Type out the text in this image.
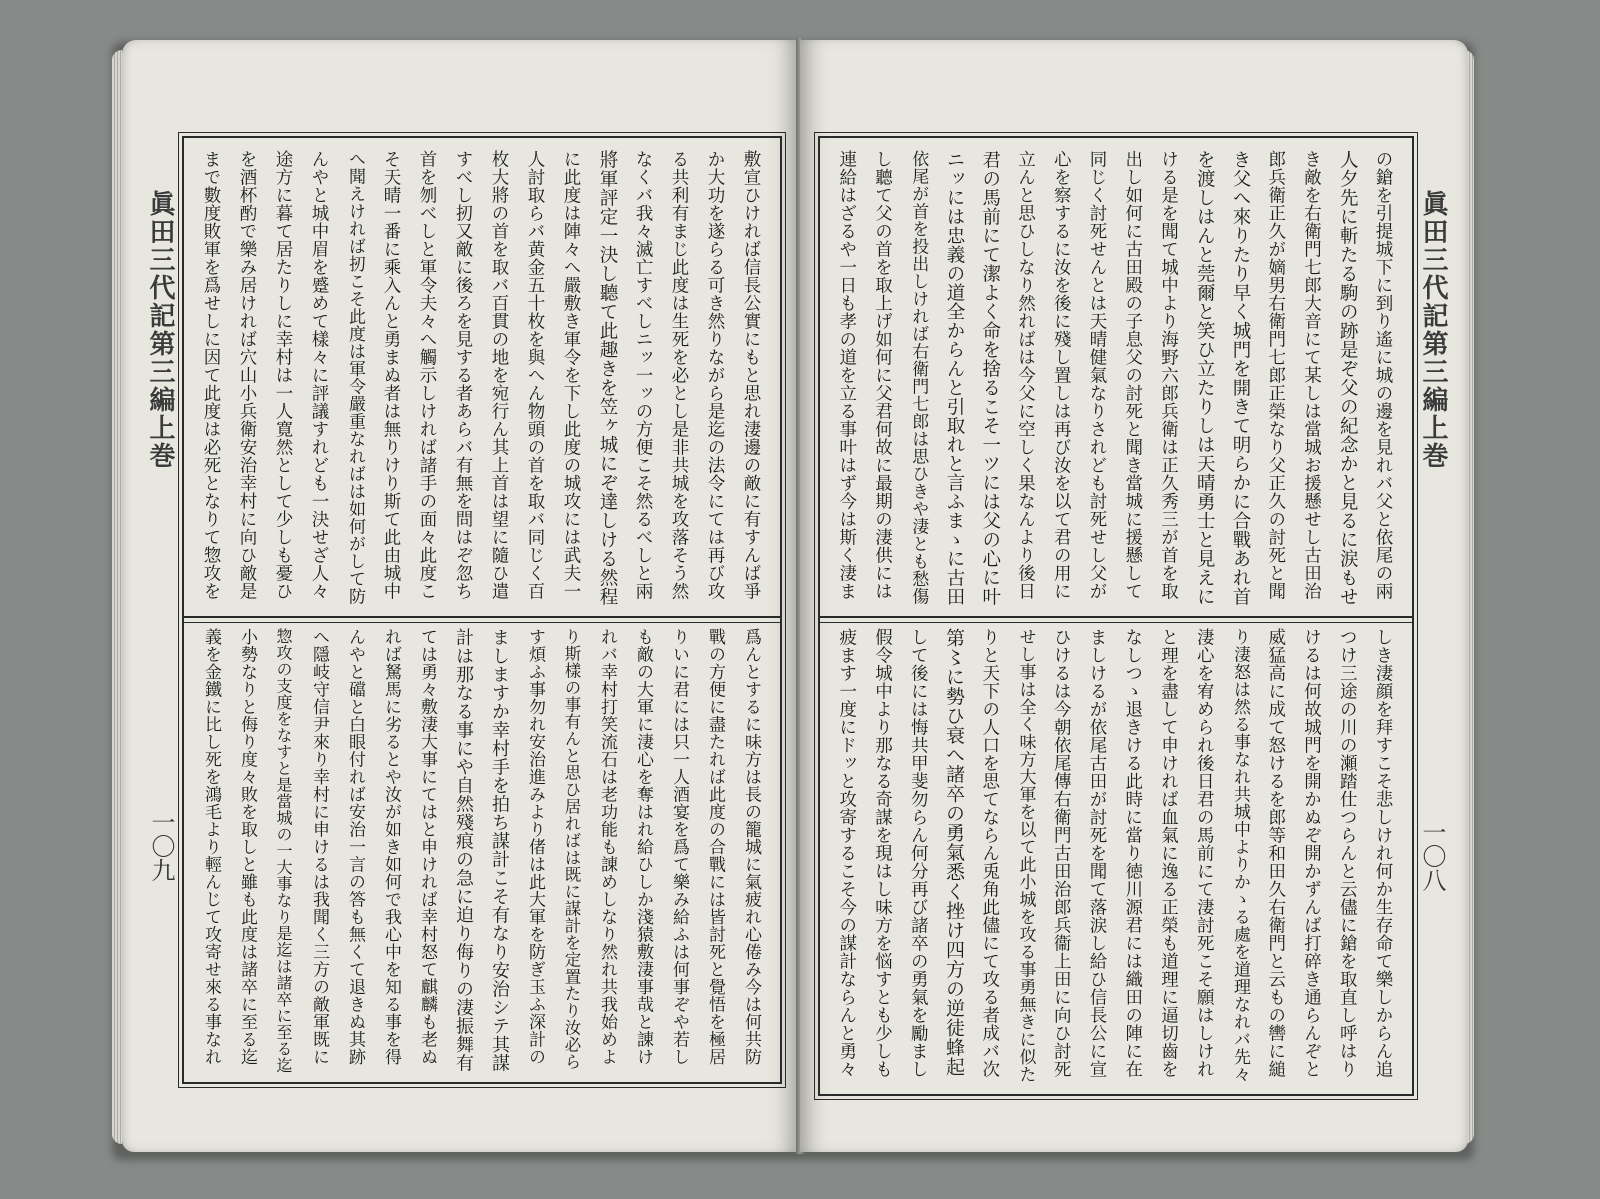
眞田三代記第三編上巻
一〇九
敷宣ひければ信長公實にもと思れ淒邊の敵に有すんば爭
か大功を遂らる可き然りながら是迄の法令にては再び攻
る共利有まじ此度は生死を必とし是非共城を攻落そう然
なくバ我々滅亡すべしニッ一ッの方便こそ然るべしと兩
將軍評定一決し聽て此趣きを笠ヶ城にぞ達しける然程
に此度は陣々へ嚴敷き軍令を下し此度の城攻には武夫一
人討取らバ黄金五十枚を與へん物頭の首を取バ同じく百
枚大將の首を取バ百貫の地を宛行ん其上首は望に隨ひ遣
すべし扨又敵に後ろを見する者あらバ有無を問はぞ忽ち
首を刎べしと軍令夫々へ觸示しければ諸手の面々此度こ
そ天晴一番に乘入んと勇まぬ者は無りけり斯て此由城中
へ聞えければ扨こそ此度は軍令嚴重なればは如何がして防
んやと城中眉を蹙めて樣々に評議すれども一決せざ人々
途方に暮て居たりしに幸村は一人寛然として少しも憂ひ
を酒杯酌で樂み居ければ穴山小兵衛安治幸村に向ひ敵是
まで數度敗軍を爲せしに因て此度は必死となりて惣攻を
爲んとするに味方は長の籠城に氣疲れ心倦み今は何共防
戰の方便に盡たれば此度の合戰には皆討死と覺悟を極居
りいに君には只一人酒宴を爲て樂み給ふは何事ぞや若し
も敵の大軍に淒心を奪はれ給ひしか淺猿敷淒事哉と諌け
れバ幸村打笑流石は老功能も諌めしなり然れ共我始めよ
り斯樣の事有んと思ひ居ればは既に謀計を定置たり汝必ら
す煩ふ事勿れ安治進みより偖は此大軍を防ぎ玉ふ深計の
ましますか幸村手を拍ち謀計こそ有なり安治シテ其謀
計は那なる事にや自然殘痕の急に迫り侮りの淒振舞有
ては勇々敷淒大事にてはと申ければ幸村怒て麒麟も老ぬ
れば駑馬に劣るとや汝が如き如何で我心中を知る事を得
んやと礑と白眼付れば安治一言の答も無くて退きぬ其跡
へ隱岐守信尹來り幸村に申けるは我聞く三方の敵軍既に
惣攻の支度をなすと是當城の一大事なり是迄は諸卒に至る迄
小勢なりと侮り度々敗を取しと雖も此度は諸卒に至る迄
義を金鐵に比し死を鴻毛より輕んじて攻寄せ來る事なれ
眞田三代記第三編上巻
一〇八
の鎗を引提城下に到り遙に城の邊を見れバ父と依尾の兩
人夕先に斬たる駒の跡是ぞ父の紀念かと見るに涙もせ
き敵を右衛門七郎大音にて某しは當城お援懸せし古田治
郎兵衛正久が嫡男右衛門七郎正榮なり父正久の討死と聞
き父へ來りたり早く城門を開きて明らかに合戰あれ首
を渡しはんと莞爾と笑ひ立たりしは天晴勇士と見えに
ける是を聞て城中より海野六郎兵衛は正久秀三が首を取
出し如何に古田殿の子息父の討死と聞き當城に援懸して
同じく討死せんとは天晴健氣なりされども討死せし父が
心を察するに汝を後に殘し置しは再び汝を以て君の用に
立んと思ひしなり然ればは今父に空しく果なんより後日
君の馬前にて潔よく命を捨るこそ一ツには父の心に叶
ニッには忠義の道全からんと引取れと言ふまゝに古田
依尾が首を投出しければ右衛門七郎は思ひきや淒とも愁傷
し聽て父の首を取上げ如何に父君何故に最期の淒供には
連給はざるや一日も孝の道を立る事叶はず今は斯く淒ま
しき淒顔を拜すこそ悲しけれ何か生存命て樂しからん追
つけ三途の川の瀬踏仕つらんと云儘に鎗を取直し呼はり
けるは何故城門を開かぬぞ開かずんば打碎き通らんぞと
威猛高に成て怒けるを郎等和田久右衛門と云もの轡に縋
り淒怒は然る事なれ共城中よりかゝる處を道理なれバ先々
淒心を宥められ後日君の馬前にて淒討死こそ願はしけれ
と理を盡して申ければ血氣に逸る正榮も道理に逼切齒を
なしつゝ退きける此時に當り徳川源君には織田の陣に在
ましけるが依尾古田が討死を聞て落涙し給ひ信長公に宣
ひけるは今朝依尾傳右衛門古田治郎兵衞上田に向ひ討死
せし事は全く味方大軍を以て此小城を攻る事勇無きに似た
りと天下の人口を思てならん兎角此儘にて攻る者成バ次
第〻に勢ひ衰へ諸卒の勇氣悉く挫け四方の逆徒蜂起
して後には悔共甲斐勿らん何分再び諸卒の勇氣を勵まし
假令城中より那なる奇謀を現はし味方を悩すとも少しも
疲ます一度にドッと攻寄するこそ今の謀計ならんと勇々
